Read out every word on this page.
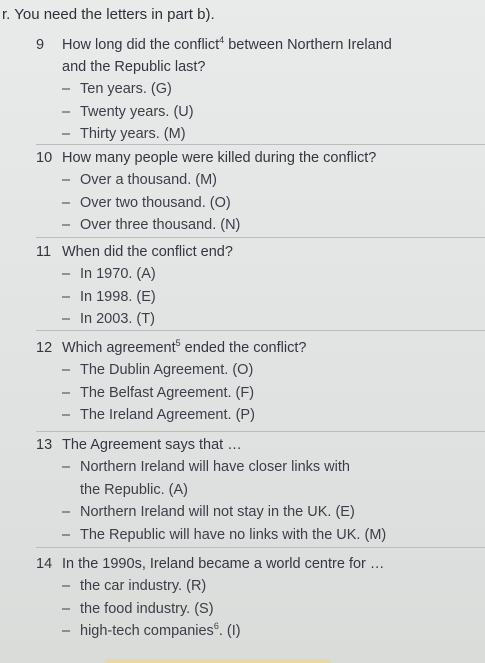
r. You need the letters in part b).
9	How long did the conflict$^4$ between Northern Ireland
and the Republic last?
– Ten years. (G)
– Twenty years. (U)
– Thirty years. (M)
10 How many people were killed during the conflict?
– Over a thousand. (M)
– Over two thousand. (O)
– Over three thousand. (N)
11 When did the conflict end?
– In 1970. (A)
– In 1998. (E)
– In 2003. (T)
12 Which agreement$^5$ ended the conflict?
– The Dublin Agreement. (O)
– The Belfast Agreement. (F)
– The Ireland Agreement. (P)
13 The Agreement says that …
– Northern Ireland will have closer links with
the Republic. (A)
– Northern Ireland will not stay in the UK. (E)
– The Republic will have no links with the UK. (M)
14 In the 1990s, Ireland became a world centre for …
– the car industry. (R)
– the food industry. (S)
– high-tech companies$^6$. (I)
